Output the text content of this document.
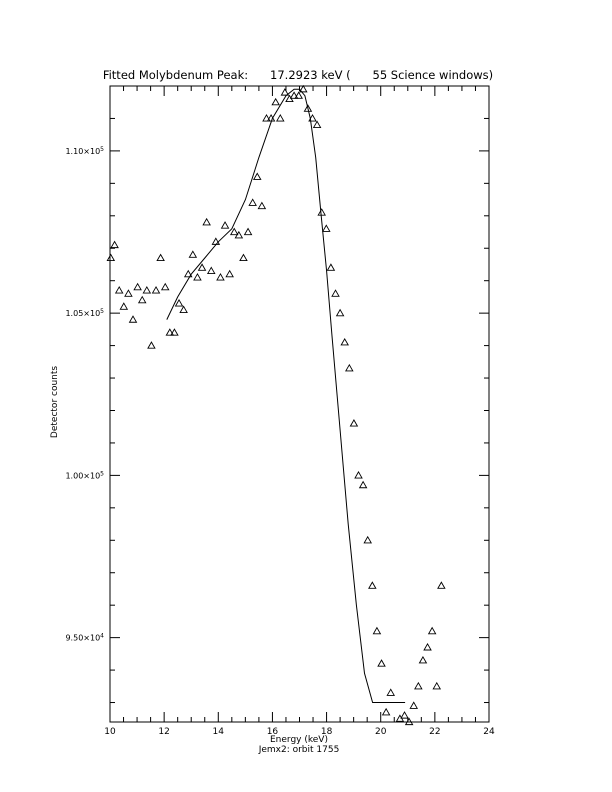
Fitted Molybdenum Peak:      17.2923 keV (      55 Science windows)
10	12	14	16	18	20	22	24
$9.50\times 10^4$
$1.00\times 10^5$
$1.05\times 10^5$
$1.10\times 10^5$
Energy (keV)
Jemx2: orbit 1755
Detector counts
